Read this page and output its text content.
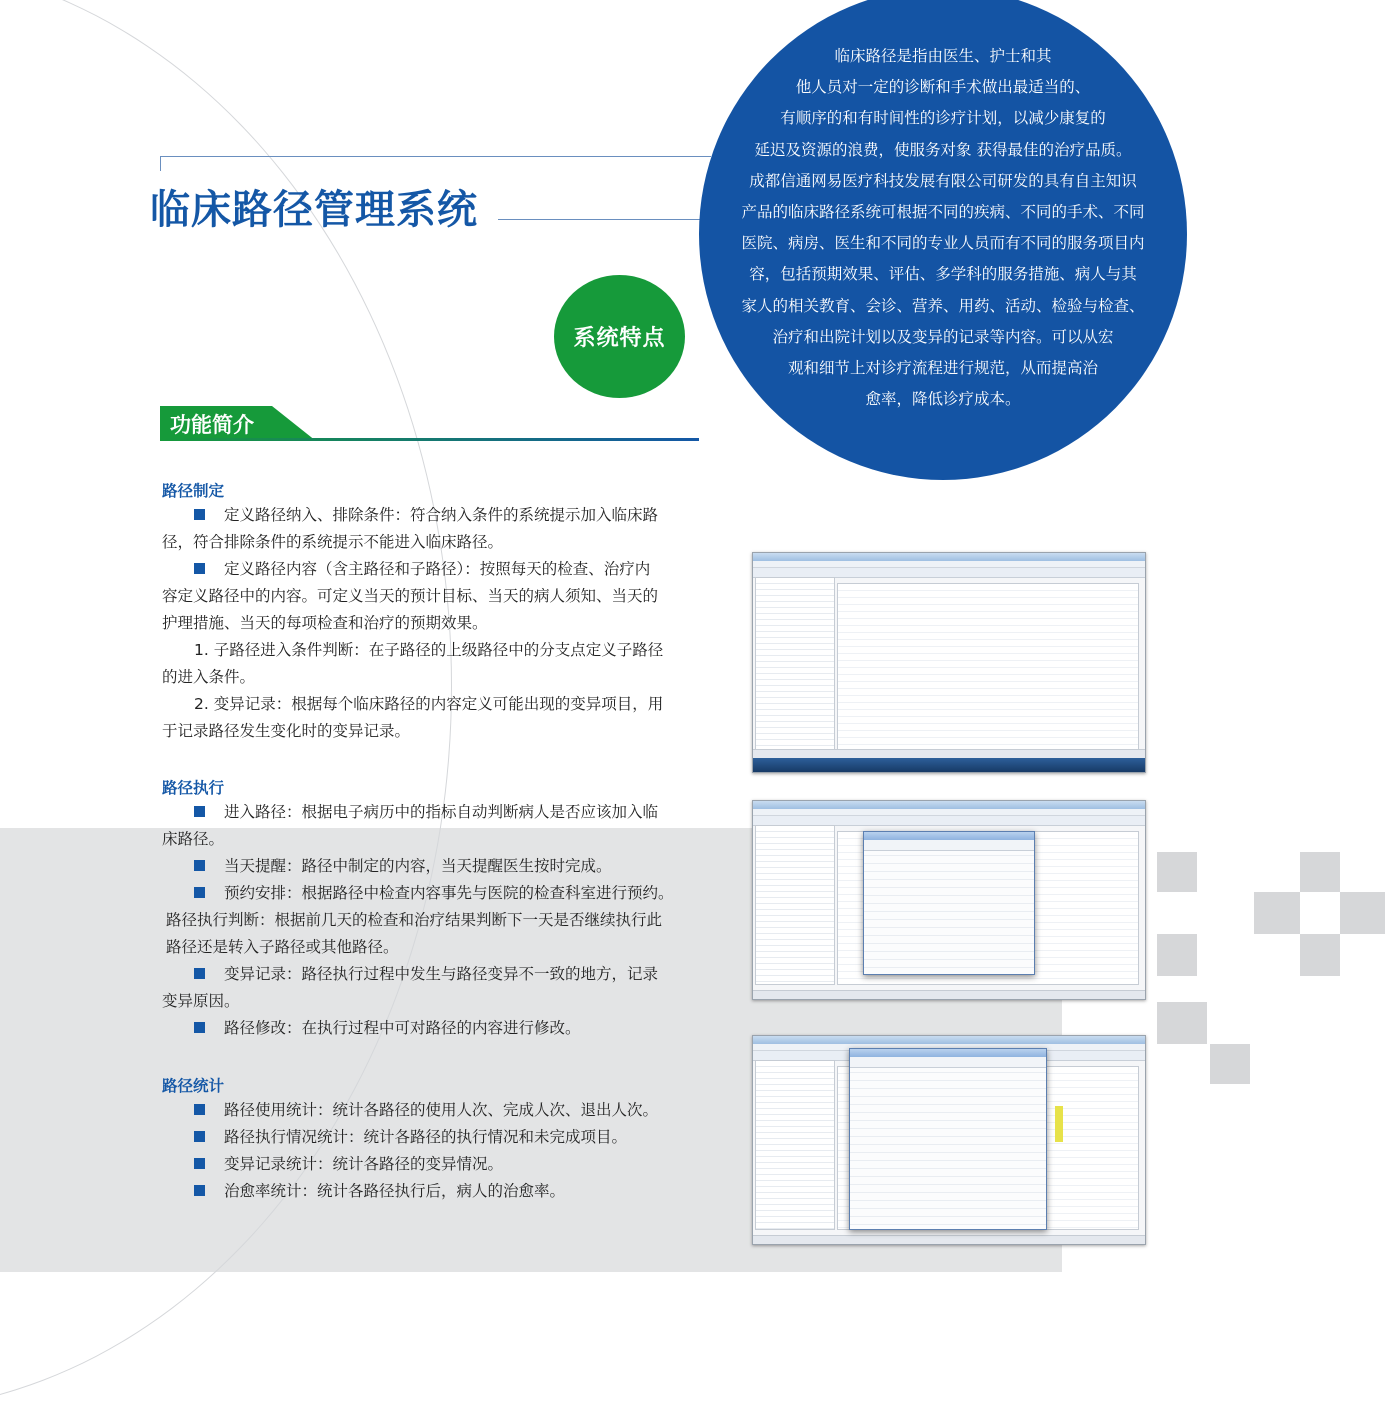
临床路径管理系统
临床路径是指由医生、护士和其
他人员对一定的诊断和手术做出最适当的、
有顺序的和有时间性的诊疗计划，以减少康复的
延迟及资源的浪费，使服务对象 获得最佳的治疗品质。
成都信通网易医疗科技发展有限公司研发的具有自主知识
产品的临床路径系统可根据不同的疾病、不同的手术、不同
医院、病房、医生和不同的专业人员而有不同的服务项目内
容，包括预期效果、评估、多学科的服务措施、病人与其
家人的相关教育、会诊、营养、用药、活动、检验与检查、
治疗和出院计划以及变异的记录等内容。可以从宏
观和细节上对诊疗流程进行规范，从而提高治
愈率，降低诊疗成本。
系统特点
功能简介
路径制定
定义路径纳入、排除条件：符合纳入条件的系统提示加入临床路
径，符合排除条件的系统提示不能进入临床路径。
定义路径内容（含主路径和子路径）：按照每天的检查、治疗内
容定义路径中的内容。可定义当天的预计目标、当天的病人须知、当天的
护理措施、当天的每项检查和治疗的预期效果。
1. 子路径进入条件判断：在子路径的上级路径中的分支点定义子路径
的进入条件。
2. 变异记录：根据每个临床路径的内容定义可能出现的变异项目，用
于记录路径发生变化时的变异记录。
路径执行
进入路径：根据电子病历中的指标自动判断病人是否应该加入临
床路径。
当天提醒：路径中制定的内容，当天提醒医生按时完成。
预约安排：根据路径中检查内容事先与医院的检查科室进行预约。
路径执行判断：根据前几天的检查和治疗结果判断下一天是否继续执行此
路径还是转入子路径或其他路径。
变异记录：路径执行过程中发生与路径变异不一致的地方，记录
变异原因。
路径修改：在执行过程中可对路径的内容进行修改。
路径统计
路径使用统计：统计各路径的使用人次、完成人次、退出人次。
路径执行情况统计：统计各路径的执行情况和未完成项目。
变异记录统计：统计各路径的变异情况。
治愈率统计：统计各路径执行后，病人的治愈率。
